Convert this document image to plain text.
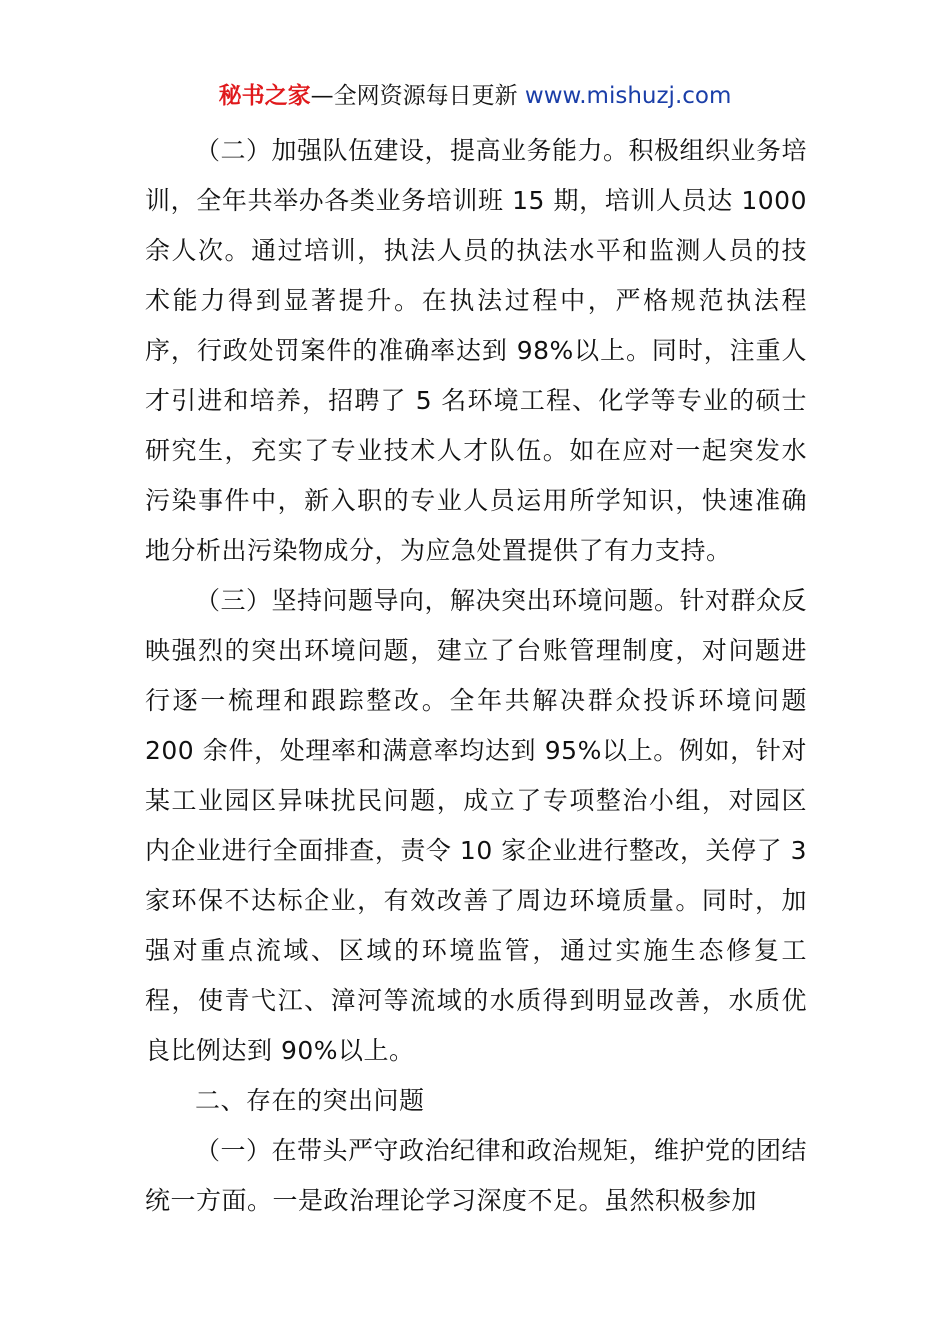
秘书之家—全网资源每日更新 www.mishuzj.com

（二）加强队伍建设，提高业务能力。积极组织业务培训，全年共举办各类业务培训班 15 期，培训人员达 1000 余人次。通过培训，执法人员的执法水平和监测人员的技术能力得到显著提升。在执法过程中，严格规范执法程序，行政处罚案件的准确率达到 98%以上。同时，注重人才引进和培养，招聘了 5 名环境工程、化学等专业的硕士研究生，充实了专业技术人才队伍。如在应对一起突发水污染事件中，新入职的专业人员运用所学知识，快速准确地分析出污染物成分，为应急处置提供了有力支持。

（三）坚持问题导向，解决突出环境问题。针对群众反映强烈的突出环境问题，建立了台账管理制度，对问题进行逐一梳理和跟踪整改。全年共解决群众投诉环境问题 200 余件，处理率和满意率均达到 95%以上。例如，针对某工业园区异味扰民问题，成立了专项整治小组，对园区内企业进行全面排查，责令 10 家企业进行整改，关停了 3 家环保不达标企业，有效改善了周边环境质量。同时，加强对重点流域、区域的环境监管，通过实施生态修复工程，使青弋江、漳河等流域的水质得到明显改善，水质优良比例达到 90%以上。

二、存在的突出问题

（一）在带头严守政治纪律和政治规矩，维护党的团结统一方面。一是政治理论学习深度不足。虽然积极参加
